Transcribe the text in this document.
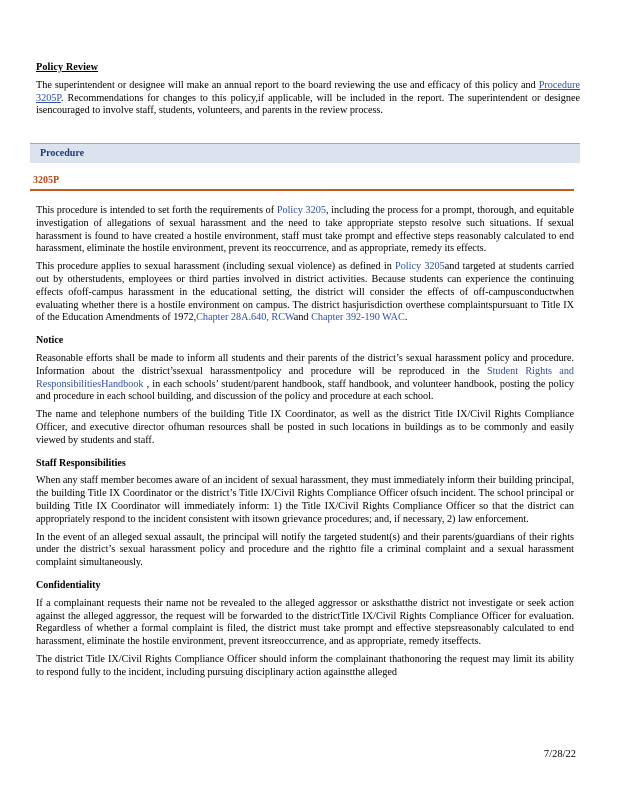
Policy Review

The superintendent or designee will make an annual report to the board reviewing the use and efficacy of this policy and Procedure 3205P. Recommendations for changes to this policy,if applicable, will be included in the report. The superintendent or designee isencouraged to involve staff, students, volunteers, and parents in the review process.

Procedure
3205P

This procedure is intended to set forth the requirements of Policy 3205, including the process for a prompt, thorough, and equitable investigation of allegations of sexual harassment and the need to take appropriate stepsto resolve such situations. If sexual harassment is found to have created a hostile environment, staff must take prompt and effective steps reasonably calculated to end harassment, eliminate the hostile environment, prevent its reoccurrence, and as appropriate, remedy its effects.

This procedure applies to sexual harassment (including sexual violence) as defined in Policy 3205and targeted at students carried out by otherstudents, employees or third parties involved in district activities. Because students can experience the continuing effects ofoff-campus harassment in the educational setting, the district will consider the effects of off-campusconductwhen evaluating whether there is a hostile environment on campus. The district hasjurisdiction overthese complaintspursuant to Title IX of the Education Amendments of 1972,Chapter 28A.640, RCWand Chapter 392-190 WAC.

Notice

Reasonable efforts shall be made to inform all students and their parents of the district’s sexual harassment policy and procedure. Information about the district’ssexual harassmentpolicy and procedure will be reproduced in the Student Rights and ResponsibilitiesHandbook , in each schools’ student/parent handbook, staff handbook, and volunteer handbook, posting the policy and procedure in each school building, and discussion of the policy and procedure at each school.

The name and telephone numbers of the building Title IX Coordinator, as well as the district Title IX/Civil Rights Compliance Officer, and executive director ofhuman resources shall be posted in such locations in buildings as to be commonly and easily viewed by students and staff.

Staff Responsibilities

When any staff member becomes aware of an incident of sexual harassment, they must immediately inform their building principal, the building Title IX Coordinator or the district’s Title IX/Civil Rights Compliance Officer ofsuch incident. The school principal or building Title IX Coordinator will immediately inform: 1) the Title IX/Civil Rights Compliance Officer so that the district can appropriately respond to the incident consistent with itsown grievance procedures; and, if necessary, 2) law enforcement.

In the event of an alleged sexual assault, the principal will notify the targeted student(s) and their parents/guardians of their rights under the district’s sexual harassment policy and procedure and the rightto file a criminal complaint and a sexual harassment complaint simultaneously.

Confidentiality

If a complainant requests their name not be revealed to the alleged aggressor or asksthatthe district not investigate or seek action against the alleged aggressor, the request will be forwarded to the districtTitle IX/Civil Rights Compliance Officer for evaluation. Regardless of whether a formal complaint is filed, the district must take prompt and effective stepsreasonably calculated to end harassment, eliminate the hostile environment, prevent itsreoccurrence, and as appropriate, remedy itseffects.

The district Title IX/Civil Rights Compliance Officer should inform the complainant thathonoring the request may limit its ability to respond fully to the incident, including pursuing disciplinary action againstthe alleged

7/28/22
